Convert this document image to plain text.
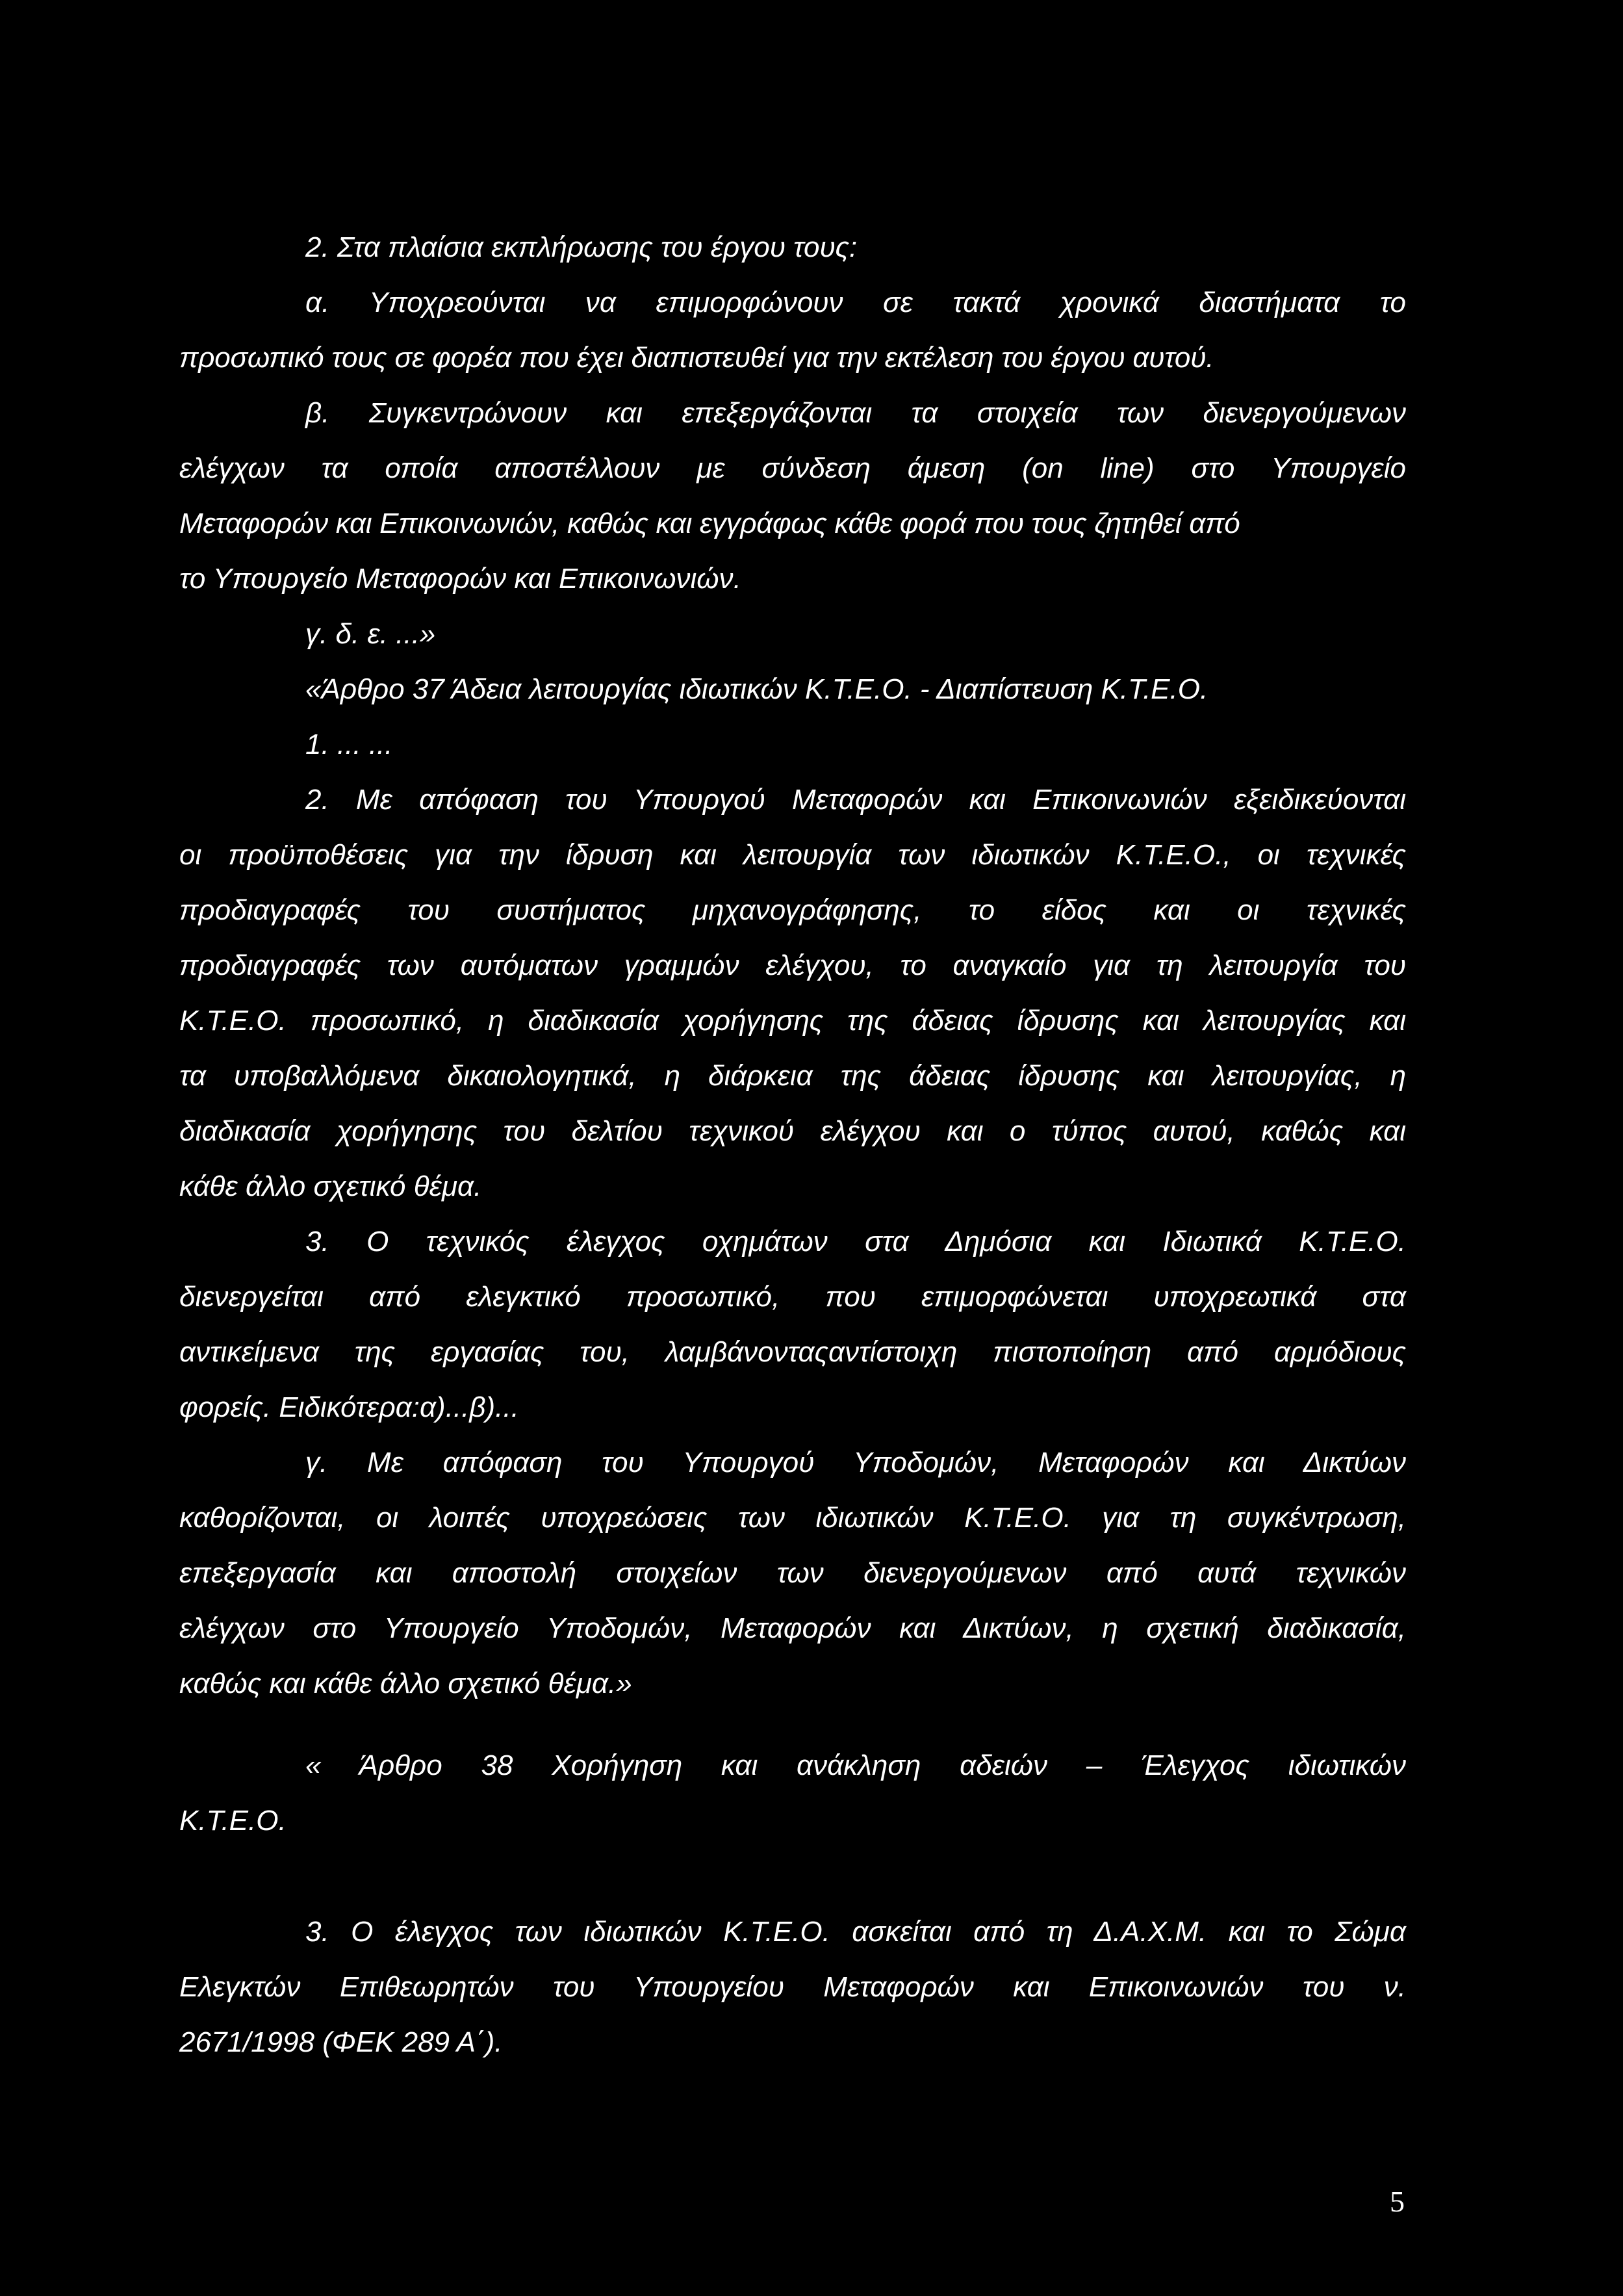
2. Στα πλαίσια εκπλήρωσης του έργου τους:
α. Υποχρεούνται να επιμορφώνουν σε τακτά χρονικά διαστήματα το
προσωπικό τους σε φορέα που έχει διαπιστευθεί για την εκτέλεση του έργου αυτού.
β. Συγκεντρώνουν και επεξεργάζονται τα στοιχεία των διενεργούμενων
ελέγχων τα οποία αποστέλλουν με σύνδεση άμεση (on line) στο Υπουργείο
Μεταφορών και Επικοινωνιών, καθώς και εγγράφως κάθε φορά που τους ζητηθεί από
το Υπουργείο Μεταφορών και Επικοινωνιών.
γ. δ. ε. ...»
«Άρθρο 37 Άδεια λειτουργίας ιδιωτικών Κ.Τ.Ε.Ο. - Διαπίστευση Κ.Τ.Ε.Ο.
1. ... ...
2. Με απόφαση του Υπουργού Μεταφορών και Επικοινωνιών εξειδικεύονται
οι προϋποθέσεις για την ίδρυση και λειτουργία των ιδιωτικών Κ.Τ.Ε.Ο., οι τεχνικές
προδιαγραφές του συστήματος μηχανογράφησης, το είδος και οι τεχνικές
προδιαγραφές των αυτόματων γραμμών ελέγχου, το αναγκαίο για τη λειτουργία του
Κ.Τ.Ε.Ο. προσωπικό, η διαδικασία χορήγησης της άδειας ίδρυσης και λειτουργίας και
τα υποβαλλόμενα δικαιολογητικά, η διάρκεια της άδειας ίδρυσης και λειτουργίας, η
διαδικασία χορήγησης του δελτίου τεχνικού ελέγχου και ο τύπος αυτού, καθώς και
κάθε άλλο σχετικό θέμα.
3. Ο τεχνικός έλεγχος οχημάτων στα Δημόσια και Ιδιωτικά Κ.Τ.Ε.Ο.
διενεργείται από ελεγκτικό προσωπικό, που επιμορφώνεται υποχρεωτικά στα
αντικείμενα της εργασίας του, λαμβάνονταςαντίστοιχη πιστοποίηση από αρμόδιους
φορείς. Ειδικότερα:α)...β)...
γ. Με απόφαση του Υπουργού Υποδομών, Μεταφορών και Δικτύων
καθορίζονται, οι λοιπές υποχρεώσεις των ιδιωτικών Κ.Τ.Ε.Ο. για τη συγκέντρωση,
επεξεργασία και αποστολή στοιχείων των διενεργούμενων από αυτά τεχνικών
ελέγχων στο Υπουργείο Υποδομών, Μεταφορών και Δικτύων, η σχετική διαδικασία,
καθώς και κάθε άλλο σχετικό θέμα.»
« Άρθρο 38 Χορήγηση και ανάκληση αδειών – Έλεγχος ιδιωτικών
Κ.Τ.Ε.Ο.
3. Ο έλεγχος των ιδιωτικών Κ.Τ.Ε.Ο. ασκείται από τη Δ.Α.Χ.Μ. και το Σώμα
Ελεγκτών Επιθεωρητών του Υπουργείου Μεταφορών και Επικοινωνιών του ν.
2671/1998 (ΦΕΚ 289 Α΄).
5
